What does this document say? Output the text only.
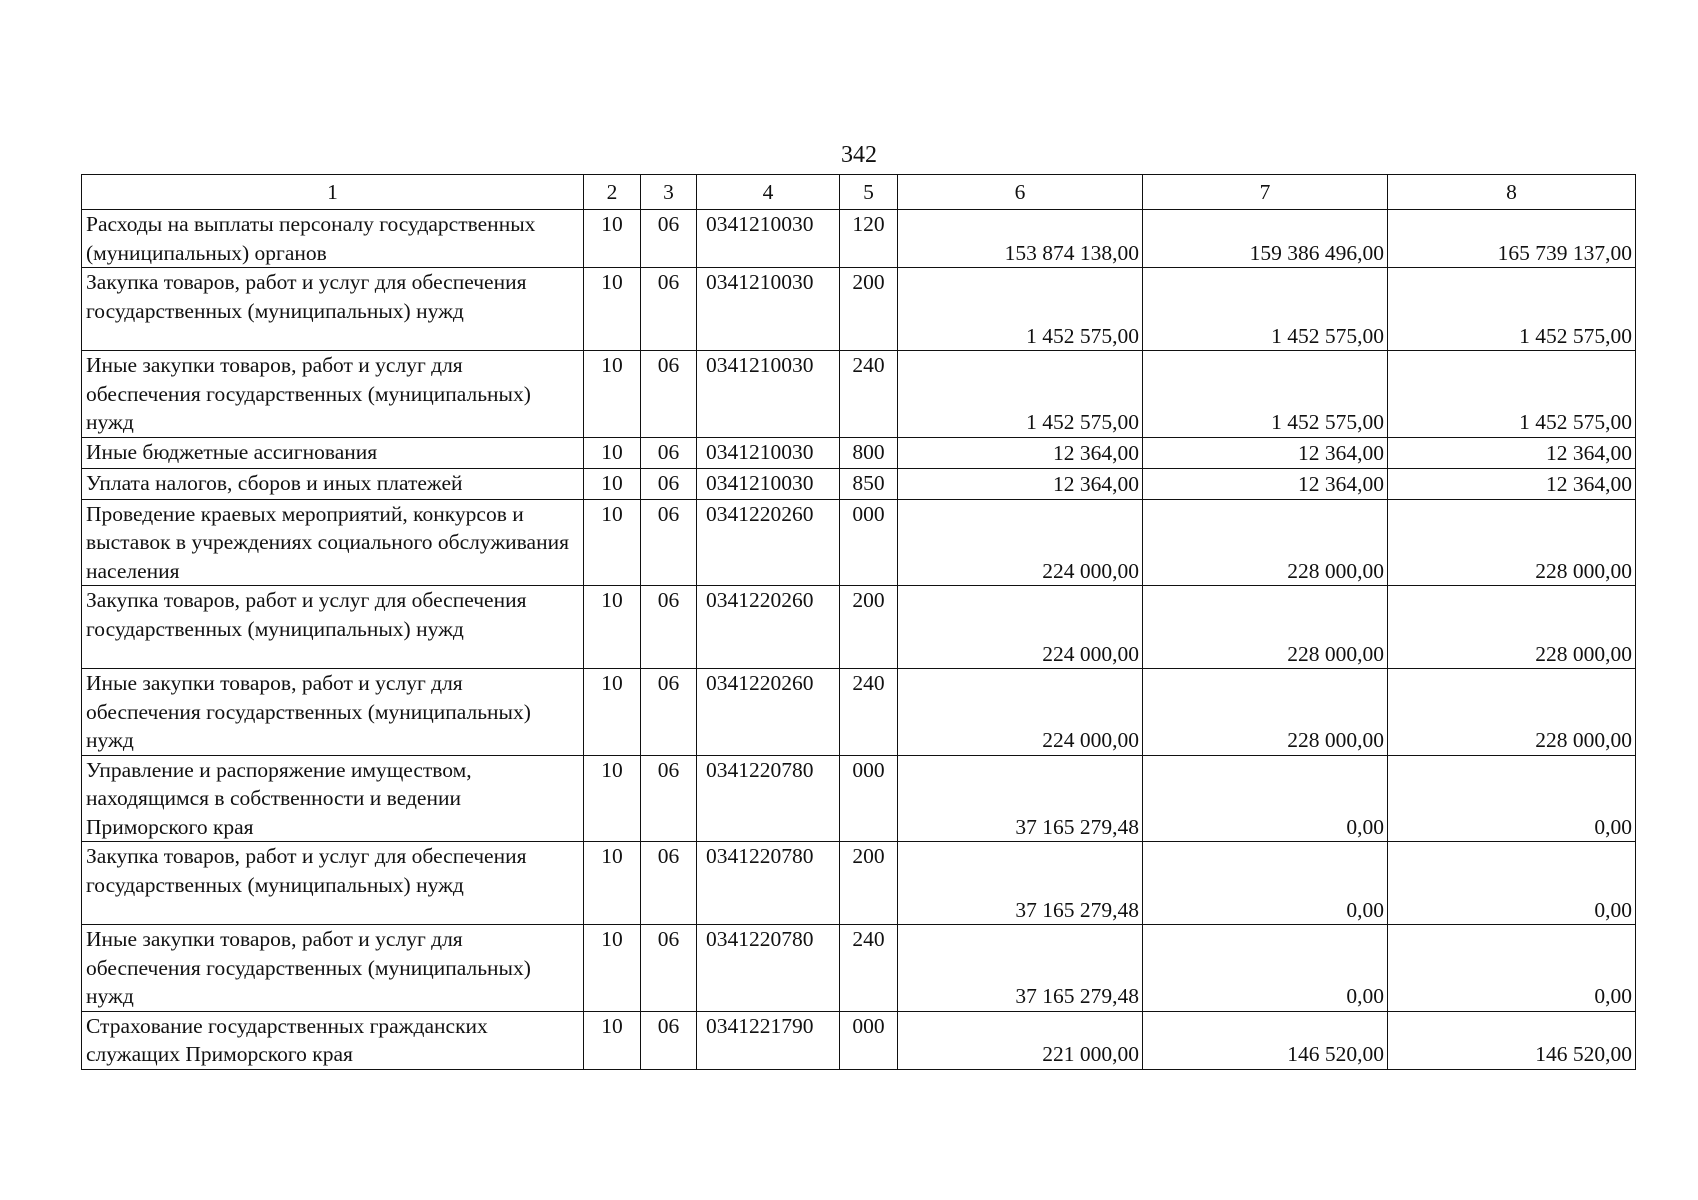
342
1	2	3	4	5	6	7	8
Расходы на выплаты персоналу государственных (муниципальных) органов	10	06	0341210030	120	153 874 138,00	159 386 496,00	165 739 137,00
Закупка товаров, работ и услуг для обеспечения государственных (муниципальных) нужд	10	06	0341210030	200	1 452 575,00	1 452 575,00	1 452 575,00
Иные закупки товаров, работ и услуг для обеспечения государственных (муниципальных) нужд	10	06	0341210030	240	1 452 575,00	1 452 575,00	1 452 575,00
Иные бюджетные ассигнования	10	06	0341210030	800	12 364,00	12 364,00	12 364,00
Уплата налогов, сборов и иных платежей	10	06	0341210030	850	12 364,00	12 364,00	12 364,00
Проведение краевых мероприятий, конкурсов и выставок в учреждениях социального обслуживания населения	10	06	0341220260	000	224 000,00	228 000,00	228 000,00
Закупка товаров, работ и услуг для обеспечения государственных (муниципальных) нужд	10	06	0341220260	200	224 000,00	228 000,00	228 000,00
Иные закупки товаров, работ и услуг для обеспечения государственных (муниципальных) нужд	10	06	0341220260	240	224 000,00	228 000,00	228 000,00
Управление и распоряжение имуществом, находящимся в собственности и ведении Приморского края	10	06	0341220780	000	37 165 279,48	0,00	0,00
Закупка товаров, работ и услуг для обеспечения государственных (муниципальных) нужд	10	06	0341220780	200	37 165 279,48	0,00	0,00
Иные закупки товаров, работ и услуг для обеспечения государственных (муниципальных) нужд	10	06	0341220780	240	37 165 279,48	0,00	0,00
Страхование государственных гражданских служащих Приморского края	10	06	0341221790	000	221 000,00	146 520,00	146 520,00
